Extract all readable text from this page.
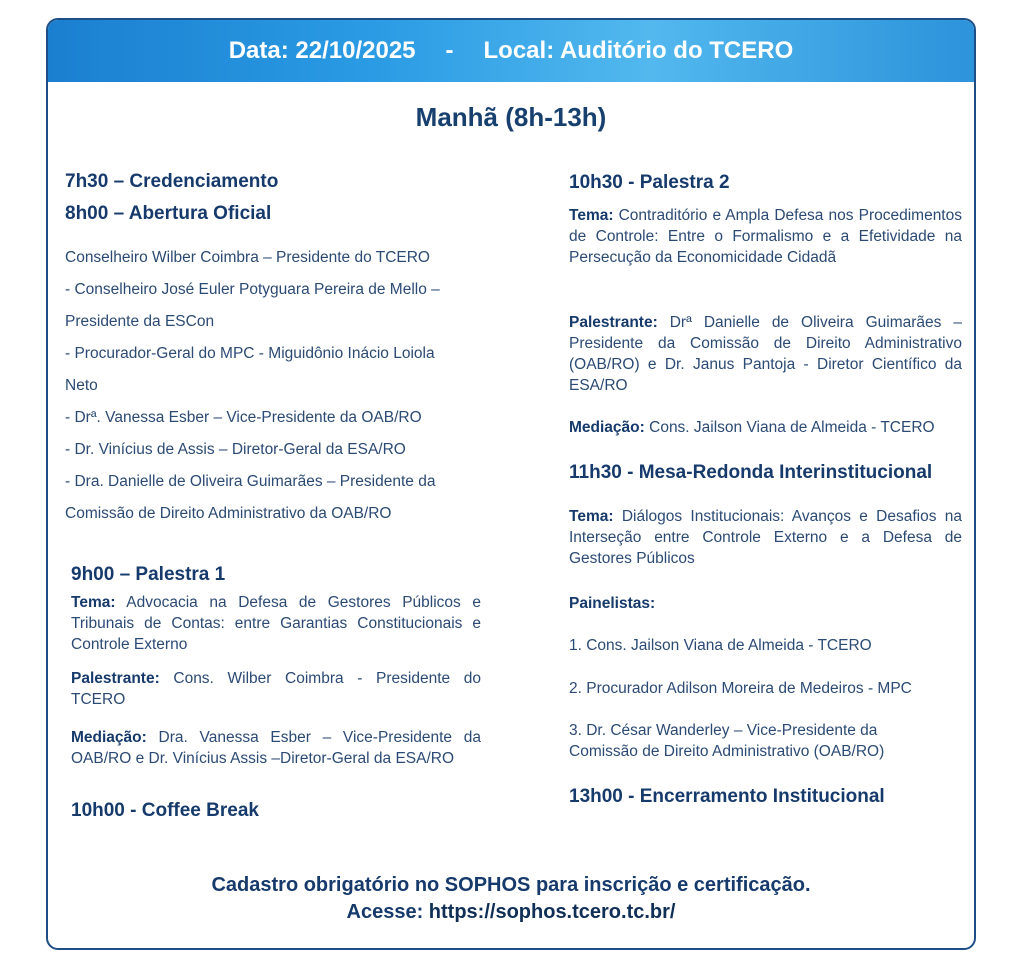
Data: 22/10/2025 - Local: Auditório do TCERO
Manhã (8h-13h)
7h30 – Credenciamento
8h00 – Abertura Oficial
Conselheiro Wilber Coimbra – Presidente do TCERO
- Conselheiro José Euler Potyguara Pereira de Mello –
Presidente da ESCon
- Procurador-Geral do MPC - Miguidônio Inácio Loiola
Neto
- Drª. Vanessa Esber – Vice-Presidente da OAB/RO
- Dr. Vinícius de Assis – Diretor-Geral da ESA/RO
- Dra. Danielle de Oliveira Guimarães – Presidente da
Comissão de Direito Administrativo da OAB/RO
9h00 – Palestra 1
Tema: Advocacia na Defesa de Gestores Públicos e Tribunais de Contas: entre Garantias Constitucionais e Controle Externo
Palestrante: Cons. Wilber Coimbra - Presidente do TCERO
Mediação: Dra. Vanessa Esber – Vice-Presidente da OAB/RO e Dr. Vinícius Assis –Diretor-Geral da ESA/RO
10h00 - Coffee Break
10h30 - Palestra 2
Tema: Contraditório e Ampla Defesa nos Procedimentos de Controle: Entre o Formalismo e a Efetividade na Persecução da Economicidade Cidadã
Palestrante: Drª Danielle de Oliveira Guimarães – Presidente da Comissão de Direito Administrativo (OAB/RO) e Dr. Janus Pantoja - Diretor Científico da ESA/RO
Mediação: Cons. Jailson Viana de Almeida - TCERO
11h30 - Mesa-Redonda Interinstitucional
Tema: Diálogos Institucionais: Avanços e Desafios na Interseção entre Controle Externo e a Defesa de Gestores Públicos
Painelistas:
1. Cons. Jailson Viana de Almeida - TCERO
2. Procurador Adilson Moreira de Medeiros - MPC
3. Dr. César Wanderley – Vice-Presidente da Comissão de Direito Administrativo (OAB/RO)
13h00 - Encerramento Institucional
Cadastro obrigatório no SOPHOS para inscrição e certificação.
Acesse: https://sophos.tcero.tc.br/
